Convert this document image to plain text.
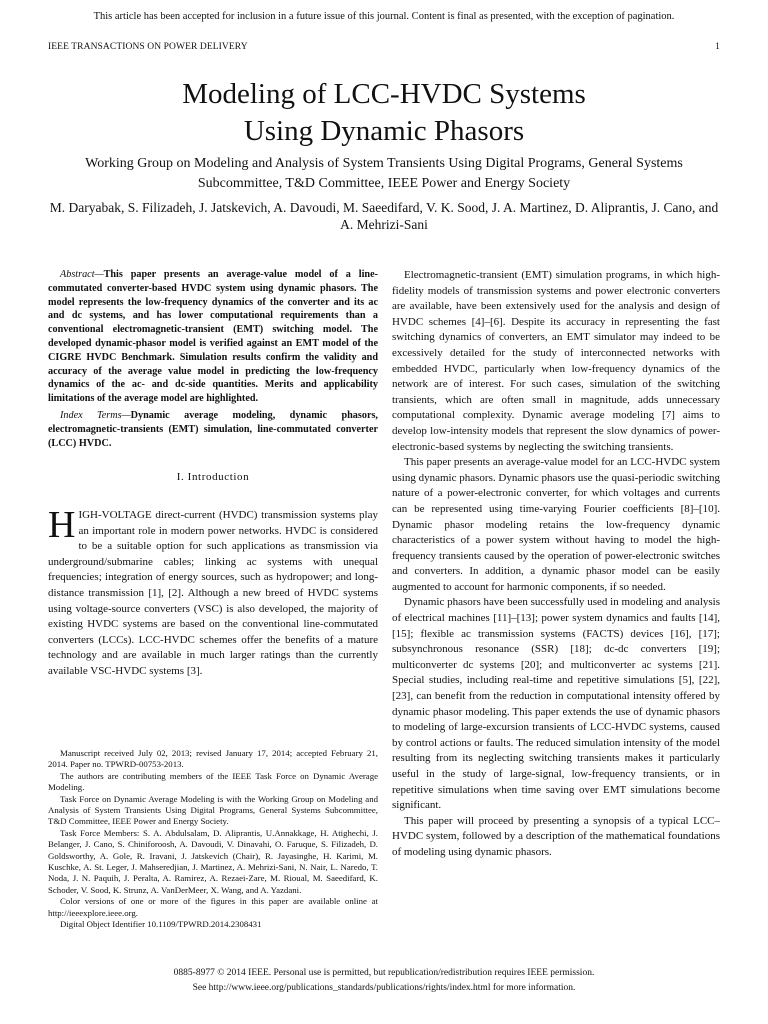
This article has been accepted for inclusion in a future issue of this journal. Content is final as presented, with the exception of pagination.
IEEE TRANSACTIONS ON POWER DELIVERY	1
Modeling of LCC-HVDC Systems
Using Dynamic Phasors
Working Group on Modeling and Analysis of System Transients Using Digital Programs, General Systems Subcommittee, T&D Committee, IEEE Power and Energy Society
M. Daryabak, S. Filizadeh, J. Jatskevich, A. Davoudi, M. Saeedifard, V. K. Sood, J. A. Martinez, D. Aliprantis, J. Cano, and A. Mehrizi-Sani
Abstract—This paper presents an average-value model of a line-commutated converter-based HVDC system using dynamic phasors. The model represents the low-frequency dynamics of the converter and its ac and dc systems, and has lower computational requirements than a conventional electromagnetic-transient (EMT) switching model. The developed dynamic-phasor model is verified against an EMT model of the CIGRE HVDC Benchmark. Simulation results confirm the validity and accuracy of the average value model in predicting the low-frequency dynamics of the ac- and dc-side quantities. Merits and applicability limitations of the average model are highlighted.
Index Terms—Dynamic average modeling, dynamic phasors, electromagnetic-transients (EMT) simulation, line-commutated converter (LCC) HVDC.
I. Introduction

HIGH-VOLTAGE direct-current (HVDC) transmission systems play an important role in modern power networks. HVDC is considered to be a suitable option for such applications as transmission via underground/submarine cables; linking ac systems with unequal frequencies; integration of energy sources, such as hydropower; and long-distance transmission [1], [2]. Although a new breed of HVDC systems using voltage-source converters (VSC) is also developed, the majority of existing HVDC systems are based on the conventional line-commutated converters (LCCs). LCC-HVDC schemes offer the benefits of a mature technology and are available in much larger ratings than the currently available VSC-HVDC systems [3].

Manuscript received July 02, 2013; revised January 17, 2014; accepted February 21, 2014. Paper no. TPWRD-00753-2013.

The authors are contributing members of the IEEE Task Force on Dynamic Average Modeling.

Task Force on Dynamic Average Modeling is with the Working Group on Modeling and Analysis of System Transients Using Digital Programs, General Systems Subcommittee, T&D Committee, IEEE Power and Energy Society.

Task Force Members: S. A. Abdulsalam, D. Aliprantis, U.Annakkage, H. Atighechi, J. Belanger, J. Cano, S. Chiniforoosh, A. Davoudi, V. Dinavahi, O. Faruque, S. Filizadeh, D. Goldsworthy, A. Gole, R. Iravani, J. Jatskevich (Chair), R. Jayasinghe, H. Karimi, M. Kuschke, A. St. Leger, J. Mahseredjian, J. Martinez, A. Mehrizi-Sani, N. Nair, L. Naredo, T. Noda, J. N. Paquih, J. Peralta, A. Ramirez, A. Rezaei-Zare, M. Rioual, M. Saeedifard, K. Schoder, V. Sood, K. Strunz, A. VanDerMeer, X. Wang, and A. Yazdani.

Color versions of one or more of the figures in this paper are available online at http://ieeexplore.ieee.org.

Digital Object Identifier 10.1109/TPWRD.2014.2308431

Electromagnetic-transient (EMT) simulation programs, in which high-fidelity models of transmission systems and power electronic converters are available, have been extensively used for the analysis and design of HVDC schemes [4]–[6]. Despite its accuracy in representing the fast switching dynamics of converters, an EMT simulator may indeed to be excessively detailed for the study of interconnected networks with embedded HVDC, particularly when low-frequency dynamics of the network are of interest. For such cases, simulation of the switching transients, which are often small in magnitude, adds unnecessary computational complexity. Dynamic average modeling [7] aims to develop low-intensity models that represent the slow dynamics of power-electronic-based systems by neglecting the switching transients.

This paper presents an average-value model for an LCC-HVDC system using dynamic phasors. Dynamic phasors use the quasi-periodic switching nature of a power-electronic converter, for which voltages and currents can be represented using time-varying Fourier coefficients [8]–[10]. Dynamic phasor modeling retains the low-frequency dynamic characteristics of a power system without having to model the high-frequency transients caused by the operation of power-electronic switches and converters. In addition, a dynamic phasor model can be easily augmented to account for harmonic components, if so needed.

Dynamic phasors have been successfully used in modeling and analysis of electrical machines [11]–[13]; power system dynamics and faults [14], [15]; flexible ac transmission systems (FACTS) devices [16], [17]; subsynchronous resonance (SSR) [18]; dc-dc converters [19]; multiconverter dc systems [20]; and multiconverter ac systems [21]. Special studies, including real-time and repetitive simulations [5], [22], [23], can benefit from the reduction in computational intensity offered by dynamic phasor modeling. This paper extends the use of dynamic phasors to modeling of large-excursion transients of LCC-HVDC systems, caused by control actions or faults. The reduced simulation intensity of the model resulting from its neglecting switching transients makes it particularly useful in the study of large-signal, low-frequency transients, or in repetitive simulations when time saving over EMT simulations become significant.

This paper will proceed by presenting a synopsis of a typical LCC–HVDC system, followed by a description of the mathematical foundations of modeling using dynamic phasors.

0885-8977 © 2014 IEEE. Personal use is permitted, but republication/redistribution requires IEEE permission.
See http://www.ieee.org/publications_standards/publications/rights/index.html for more information.
